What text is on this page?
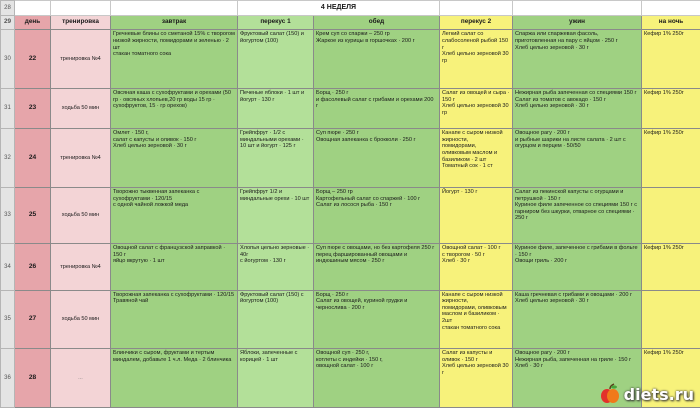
28				4 НЕДЕЛЯ				
29	день	тренировка	завтрак	перекус 1	обед	перекус 2	ужин	на ночь
30	22	тренировка №4	Гречневые блины со сметаной 15% с творогом низкой жирности, помидорами и зеленью · 2 шт
стакан томатного сока	Фруктовый салат (150) и йогуртом (100)	Крем суп со спаржи – 250 гр
Жаркое из курицы в горшочках · 200 г	Легкий салат со слабосоленой рыбой 150 г
Хлеб цельно зерновой 30 гр	Спаржа или спаржевая фасоль, приготовленная на пару с яйцом · 250 г
Хлеб цельно зерновой · 30 г	Кефир 1% 250г
31	23	ходьба 50 мин	Овсяная каша с сухофруктами и орехами (50 гр · овсяных хлопьев,20 гр воды 15 гр · сухофруктов, 15 · гр орехов)	Печеные яблоки · 1 шт и йогурт · 130 г	Борщ · 250 г
и фасолевый салат с грибами и орехами 200 г	Салат из овощей и сыра · 150 г
Хлеб цельно зерновой 30 гр	Нежирная рыба запеченная со специями 150 г
Салат из томатов с авокадо · 150 г
Хлеб цельно зерновой · 30 г	Кефир 1% 250г
32	24	тренировка №4	Омлет · 150 г,
салат с капусты и оливок · 150 г
Хлеб цельно зерновой · 30 г	Грейпфрут · 1/2 с миндальными орехами · 10 шт и йогурт · 125 г	Суп пюре · 250 г
Овощная запеканка с брокколи · 250 г	Канапе с сыром низкой жирности,
помидорами,
оливковым маслом и базиликом · 2 шт
Томатный сок · 1 ст	Овощное рагу · 200 г
и рыбные шарики на листе салата · 2 шт с огурцом и перцем · 50/50	Кефир 1% 250г
33	25	ходьба 50 мин	Творожно тыквенная запеканка с сухофруктами · 120/15
с одной чайной ложкой меда	Грейпфрут 1/2 и миндальные орехи · 10 шт	Борщ – 250 гр
Картофельный салат со спаржей · 100 г
Салат из лосося рыба · 150 г	Йогурт · 130 г	Салат из пекинской капусты с огурцами и петрушкой · 150 г
Куриное филе запеченное со специями 150 г с гарниром без шкурки, отварное со специями · 250 г	
34	26	тренировка №4	Овощной салат с французской заправкой · 150 г
яйцо вкрутую · 1 шт	Хлопья цельно зерновые · 40г
с йогуртом · 130 г	Суп пюре с овощами, но без картофеля 250 г
перец фаршированный овощами и индюшиным мясом · 250 г	Овощной салат · 100 г
с творогом · 50 г
Хлеб · 30 г	Куриное филе, запеченное с грибами в фольге · 150 г
Овощи гриль · 200 г	Кефир 1% 250г
35	27	ходьба 50 мин	Творожная запеканка с сухофруктами · 120/15
Травяной чай	Фруктовый салат (150) с йогуртом (100)	Борщ · 250 г
Салат из овощей, куриной грудки и черносливa · 200 г	Канапе с сыром низкой жирности,
помидорами, оливковым маслом и базиликом · 2шт
стакан томатного сока	Каша гречневая с грибами и овощами · 200 г
Хлеб цельно зерновой · 30 г	
36	28	...	Блинчики с сыром, фруктами и тертым миндалем, добавьте 1 ч.л. Меда · 2 блинчика	Яблоки, запеченные с корицей · 1 шт	Овощной суп · 250 г,
котлеты с индейки · 150 г,
овощной салат · 100 г	Салат из капусты и оливок · 150 г
Хлеб цельно зерновой 30 г	Овощное рагу · 200 г
Нежирная рыба, запеченная на гриле · 150 г
Хлеб · 30 г	Кефир 1% 250г
diets.ru
